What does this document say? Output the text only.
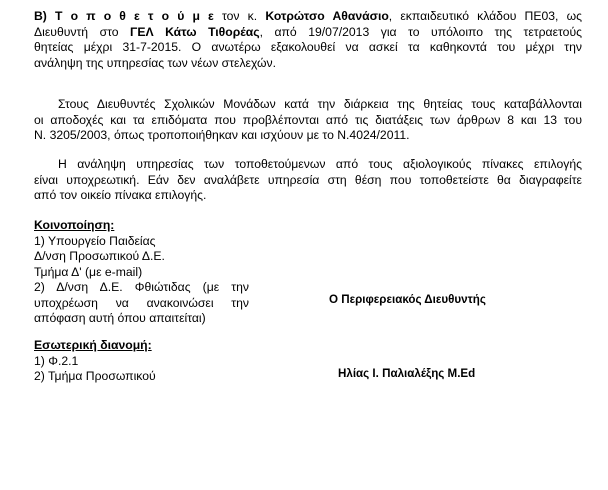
Β) Τ ο π ο θ ε τ ο ύ μ ε τον κ. Κοτρώτσο Αθανάσιο, εκπαιδευτικό κλάδου ΠΕ03, ως
Διευθυντή στο ΓΕΛ Κάτω Τιθορέας, από 19/07/2013 για το υπόλοιπο της τετραετούς
θητείας μέχρι 31-7-2015. Ο ανωτέρω εξακολουθεί να ασκεί τα καθηκοντά του μέχρι την
ανάληψη της υπηρεσίας των νέων στελεχών.
Στους Διευθυντές Σχολικών Μονάδων κατά την διάρκεια της θητείας τους καταβάλλονται
οι αποδοχές και τα επιδόματα που προβλέπονται από τις διατάξεις των άρθρων 8 και 13 του
Ν. 3205/2003, όπως τροποποιήθηκαν και ισχύουν με το Ν.4024/2011.
Η ανάληψη υπηρεσίας των τοποθετούμενων από τους αξιολογικούς πίνακες επιλογής
είναι υποχρεωτική. Εάν δεν αναλάβετε υπηρεσία στη θέση που τοποθετείστε θα διαγραφείτε
από τον οικείο πίνακα επιλογής.
Κοινοποίηση:
1) Υπουργείο Παιδείας
Δ/νση Προσωπικού Δ.Ε.
Τμήμα Δ' (με e-mail)
2) Δ/νση Δ.Ε. Φθιώτιδας (με την
υποχρέωση να ανακοινώσει την
απόφαση αυτή όπου απαιτείται)
Εσωτερική διανομή:
1) Φ.2.1
2) Τμήμα Προσωπικού
Ο Περιφερειακός Διευθυντής
Ηλίας Ι. Παλιαλέξης Μ.Ed
